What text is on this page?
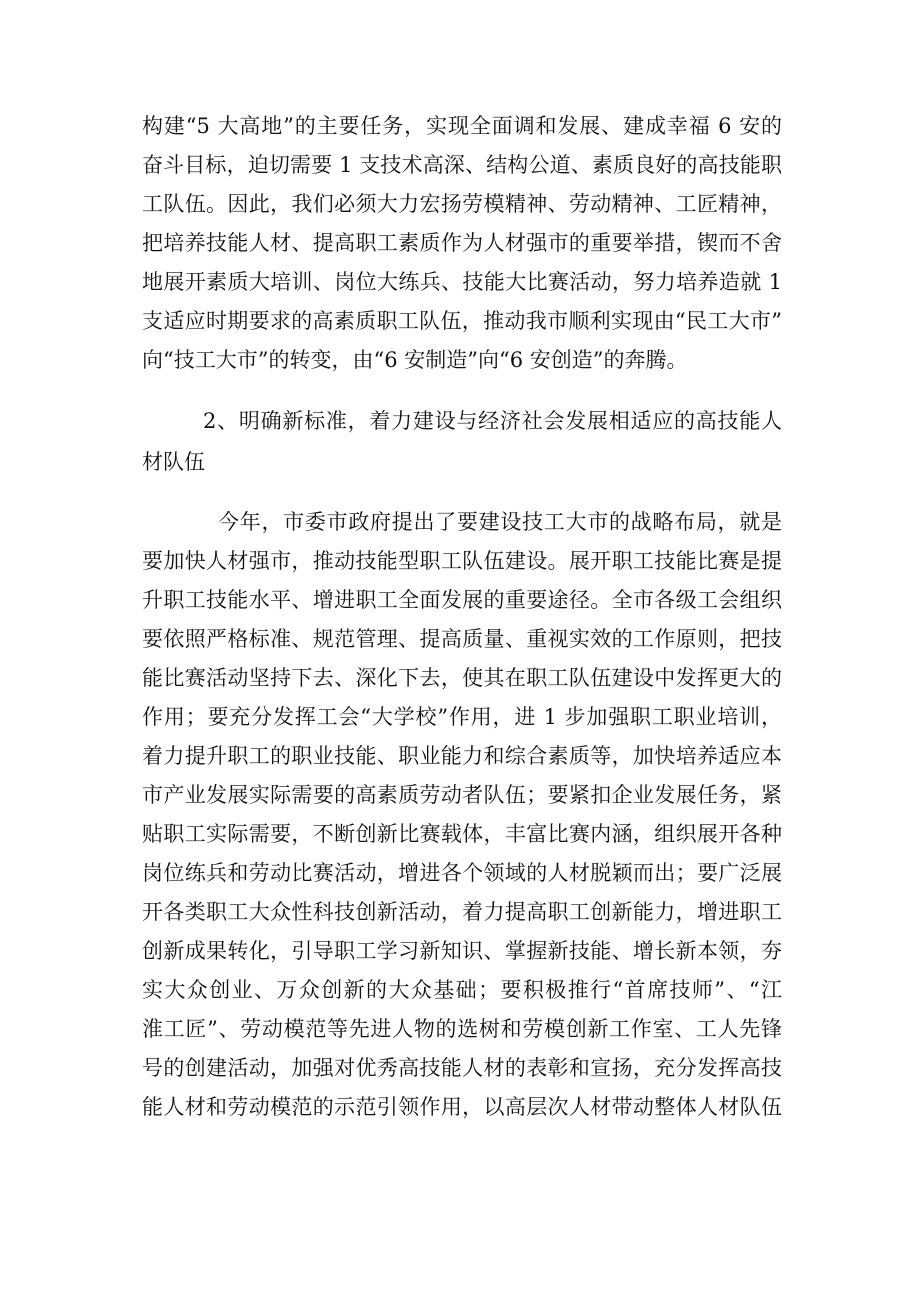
构建“5 大高地”的主要任务，实现全面调和发展、建成幸福 6 安的
奋斗目标，迫切需要 1 支技术高深、结构公道、素质良好的高技能职
工队伍。因此，我们必须大力宏扬劳模精神、劳动精神、工匠精神，
把培养技能人材、提高职工素质作为人材强市的重要举措，锲而不舍
地展开素质大培训、岗位大练兵、技能大比赛活动，努力培养造就 1
支适应时期要求的高素质职工队伍，推动我市顺利实现由“民工大市”
向“技工大市”的转变，由“6 安制造”向“6 安创造”的奔腾。
2、明确新标准，着力建设与经济社会发展相适应的高技能人
材队伍
今年，市委市政府提出了要建设技工大市的战略布局，就是
要加快人材强市，推动技能型职工队伍建设。展开职工技能比赛是提
升职工技能水平、增进职工全面发展的重要途径。全市各级工会组织
要依照严格标准、规范管理、提高质量、重视实效的工作原则，把技
能比赛活动坚持下去、深化下去，使其在职工队伍建设中发挥更大的
作用；要充分发挥工会“大学校”作用，进 1 步加强职工职业培训，
着力提升职工的职业技能、职业能力和综合素质等，加快培养适应本
市产业发展实际需要的高素质劳动者队伍；要紧扣企业发展任务，紧
贴职工实际需要，不断创新比赛载体，丰富比赛内涵，组织展开各种
岗位练兵和劳动比赛活动，增进各个领域的人材脱颖而出；要广泛展
开各类职工大众性科技创新活动，着力提高职工创新能力，增进职工
创新成果转化，引导职工学习新知识、掌握新技能、增长新本领，夯
实大众创业、万众创新的大众基础；要积极推行“首席技师”、“江
淮工匠”、劳动模范等先进人物的选树和劳模创新工作室、工人先锋
号的创建活动，加强对优秀高技能人材的表彰和宣扬，充分发挥高技
能人材和劳动模范的示范引领作用，以高层次人材带动整体人材队伍
